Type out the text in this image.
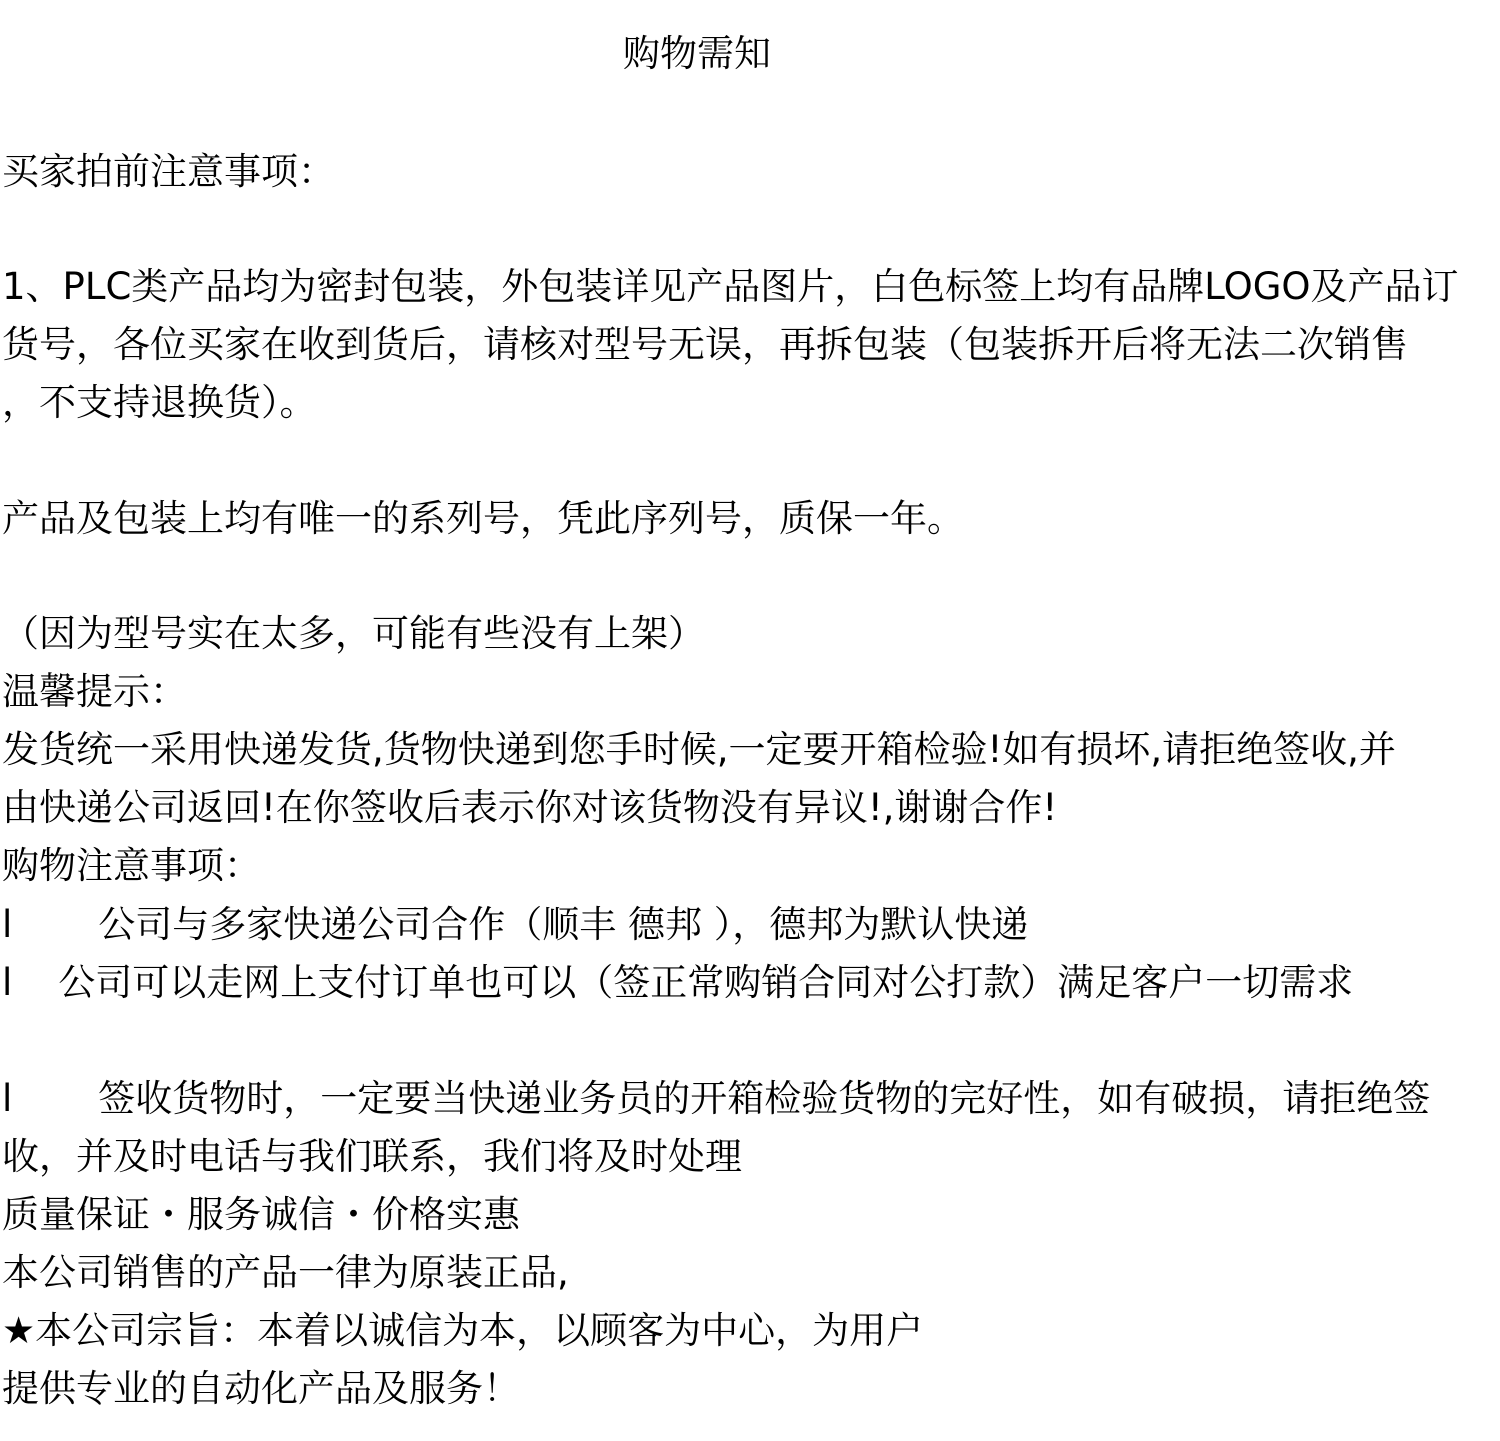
购物需知
买家拍前注意事项：
1、PLC类产品均为密封包装，外包装详见产品图片，白色标签上均有品牌LOGO及产品订
货号，各位买家在收到货后，请核对型号无误，再拆包装（包装拆开后将无法二次销售
，不支持退换货）。
产品及包装上均有唯一的系列号，凭此序列号，质保一年。
（因为型号实在太多，可能有些没有上架）
温馨提示：
发货统一采用快递发货,货物快递到您手时候,一定要开箱检验!如有损坏,请拒绝签收,并
由快递公司返回!在你签收后表示你对该货物没有异议!,谢谢合作!
购物注意事项：
l 公司与多家快递公司合作（顺丰 德邦 ），德邦为默认快递
l 公司可以走网上支付订单也可以（签正常购销合同对公打款）满足客户一切需求
l 签收货物时，一定要当快递业务员的开箱检验货物的完好性，如有破损，请拒绝签
收，并及时电话与我们联系，我们将及时处理
质量保证・服务诚信・价格实惠
本公司销售的产品一律为原装正品,
★本公司宗旨：本着以诚信为本，以顾客为中心，为用户
提供专业的自动化产品及服务！
